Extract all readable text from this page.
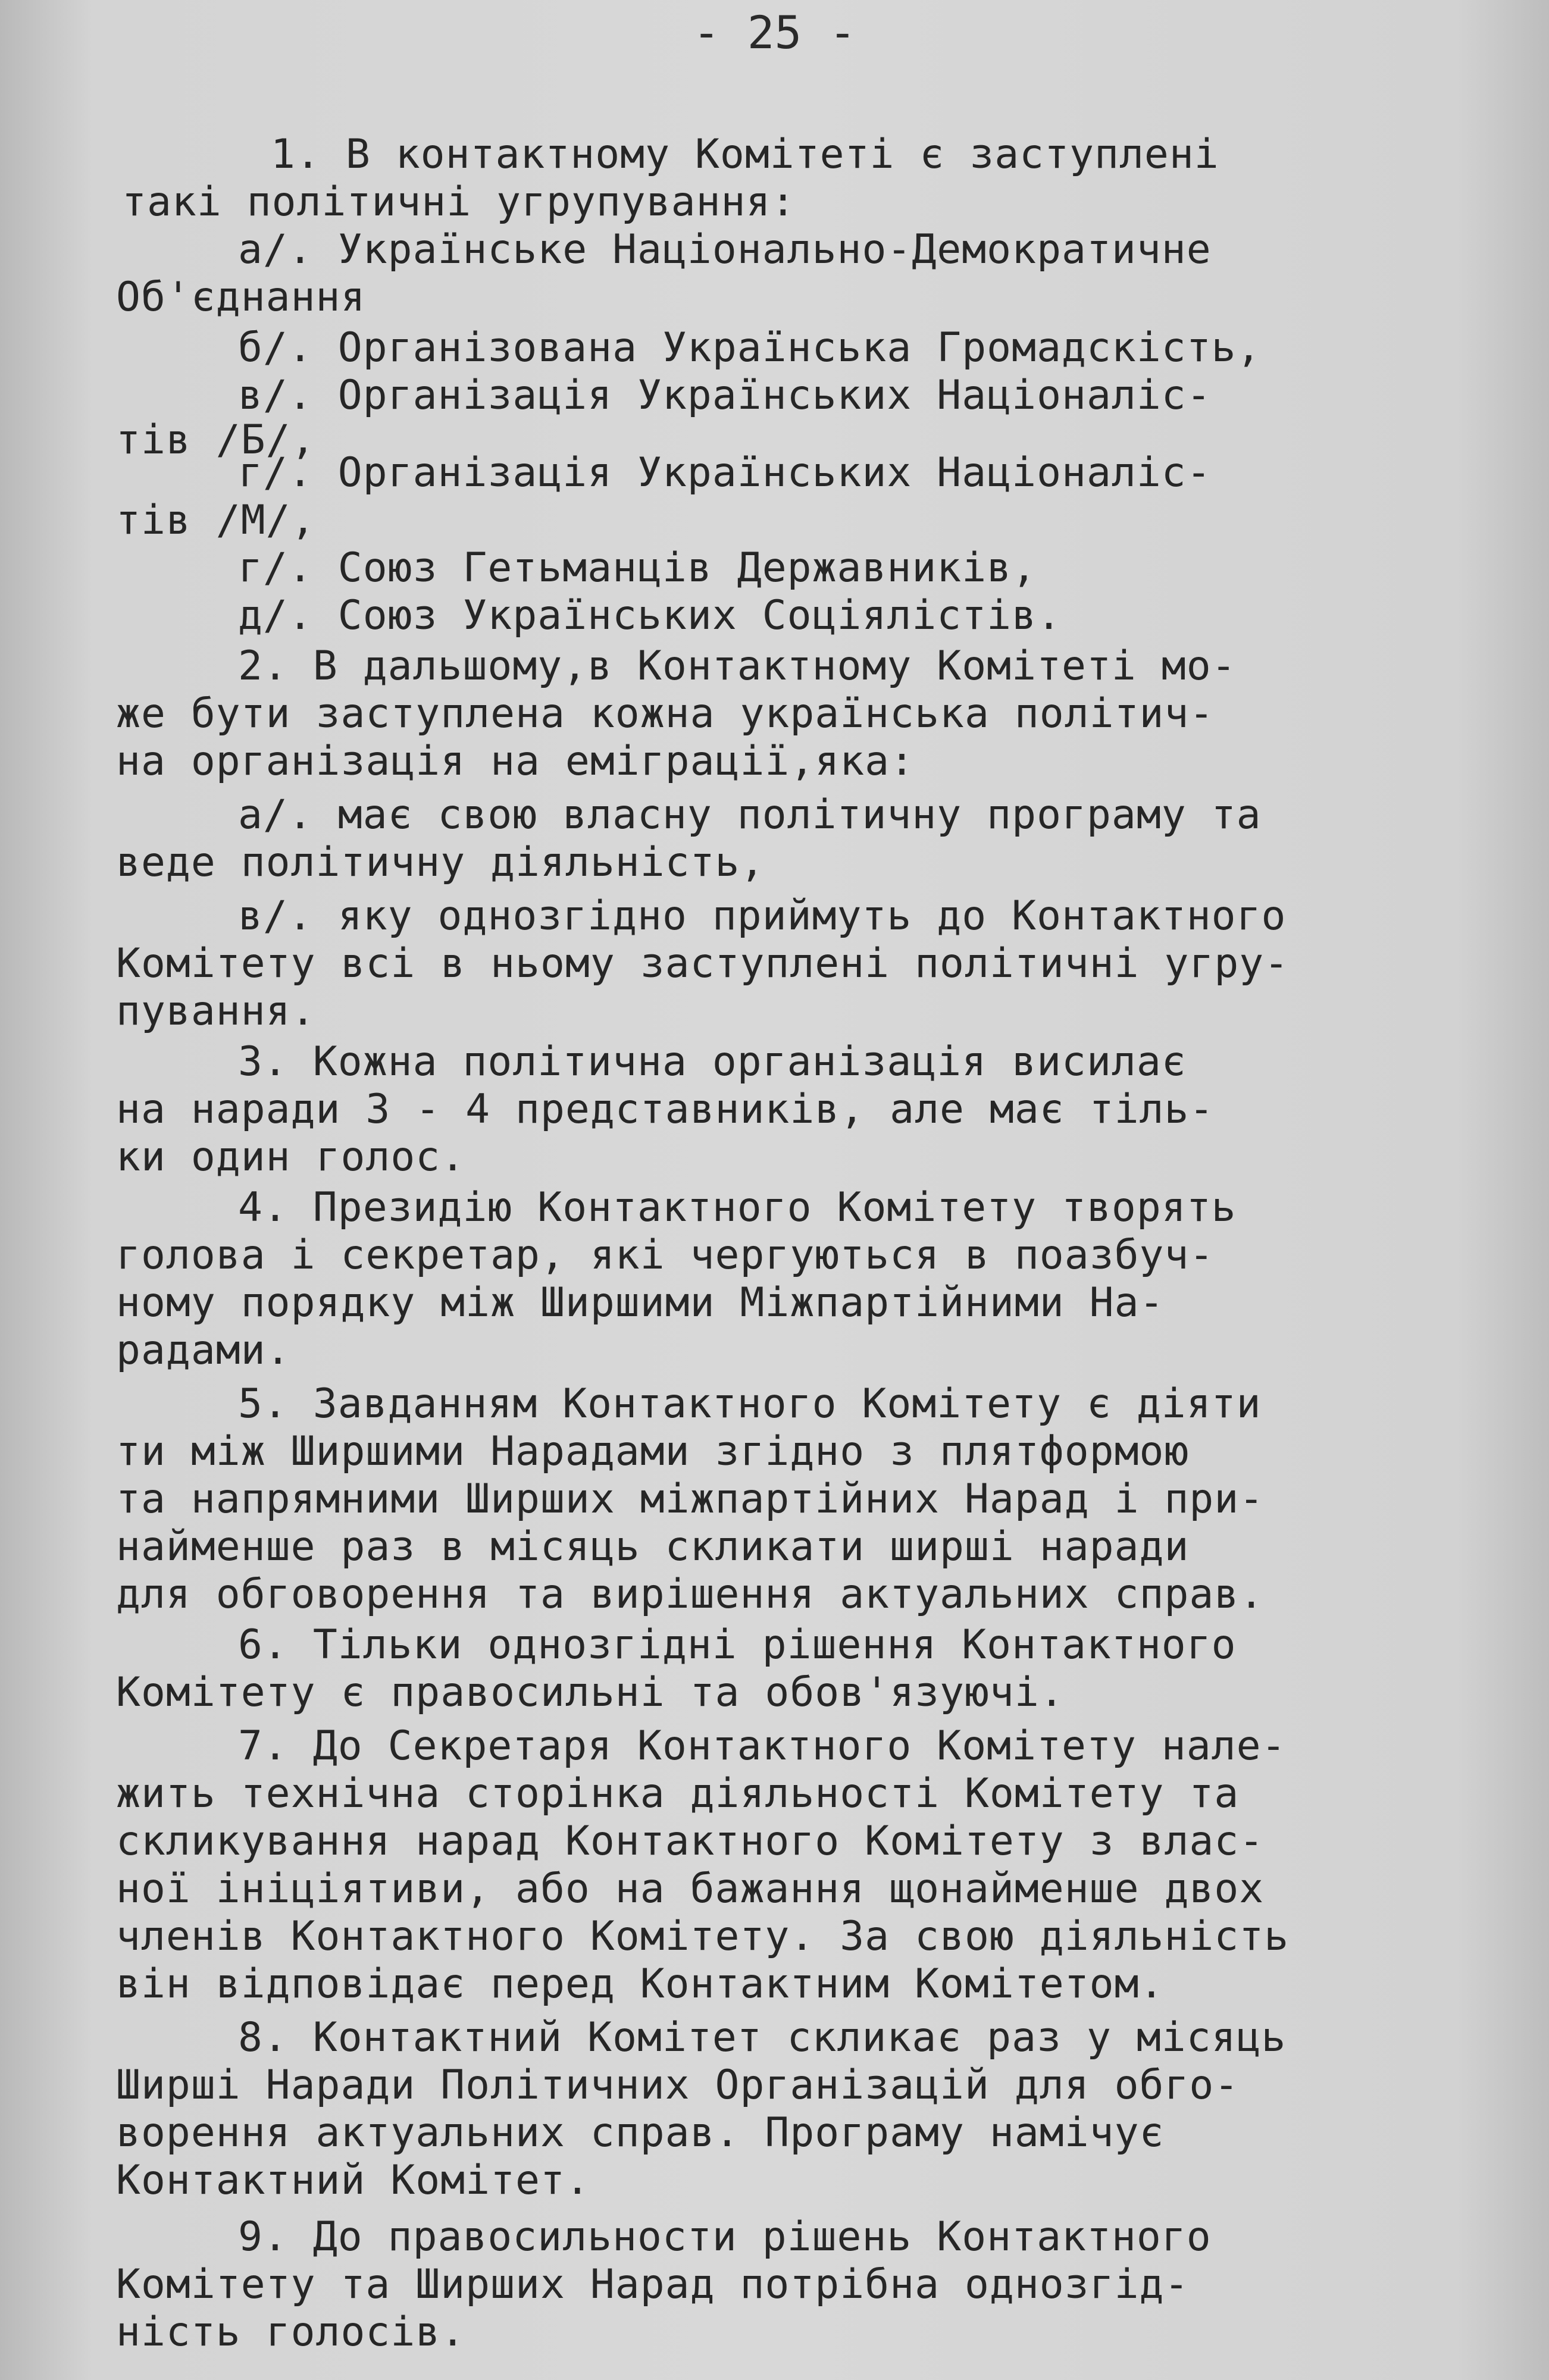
- 25 -
1. В контактному Комітеті є заступлені
такі політичні угрупування:
а/. Українське Національно-Демократичне
Об'єднання
б/. Організована Українська Громадскість,
в/. Організація Українських Націоналіс-
тів /Б/,
г/. Організація Українських Націоналіс-
тів /М/,
г/. Союз Гетьманців Державників,
д/. Союз Українських Соціялістів.
2. В дальшому,в Контактному Комітеті мо-
же бути заступлена кожна українська політич-
на організація на еміграції,яка:
а/. має свою власну політичну програму та
веде політичну діяльність,
в/. яку однозгідно приймуть до Контактного
Комітету всі в ньому заступлені політичні угру-
пування.
3. Кожна політична організація висилає
на наради 3 - 4 представників, але має тіль-
ки один голос.
4. Президію Контактного Комітету творять
голова і секретар, які чергуються в поазбуч-
ному порядку між Ширшими Міжпартійними На-
радами.
5. Завданням Контактного Комітету є діяти
ти між Ширшими Нарадами згідно з плятформою
та напрямними Ширших міжпартійних Нарад і при-
найменше раз в місяць скликати ширші наради
для обговорення та вирішення актуальних справ.
6. Тільки однозгідні рішення Контактного
Комітету є правосильні та обов'язуючі.
7. До Секретаря Контактного Комітету нале-
жить технічна сторінка діяльності Комітету та
скликування нарад Контактного Комітету з влас-
ної ініціятиви, або на бажання щонайменше двох
членів Контактного Комітету. За свою діяльність
він відповідає перед Контактним Комітетом.
8. Контактний Комітет скликає раз у місяць
Ширші Наради Політичних Організацій для обго-
ворення актуальних справ. Програму намічує
Контактний Комітет.
9. До правосильности рішень Контактного
Комітету та Ширших Нарад потрібна однозгід-
ність голосів.
